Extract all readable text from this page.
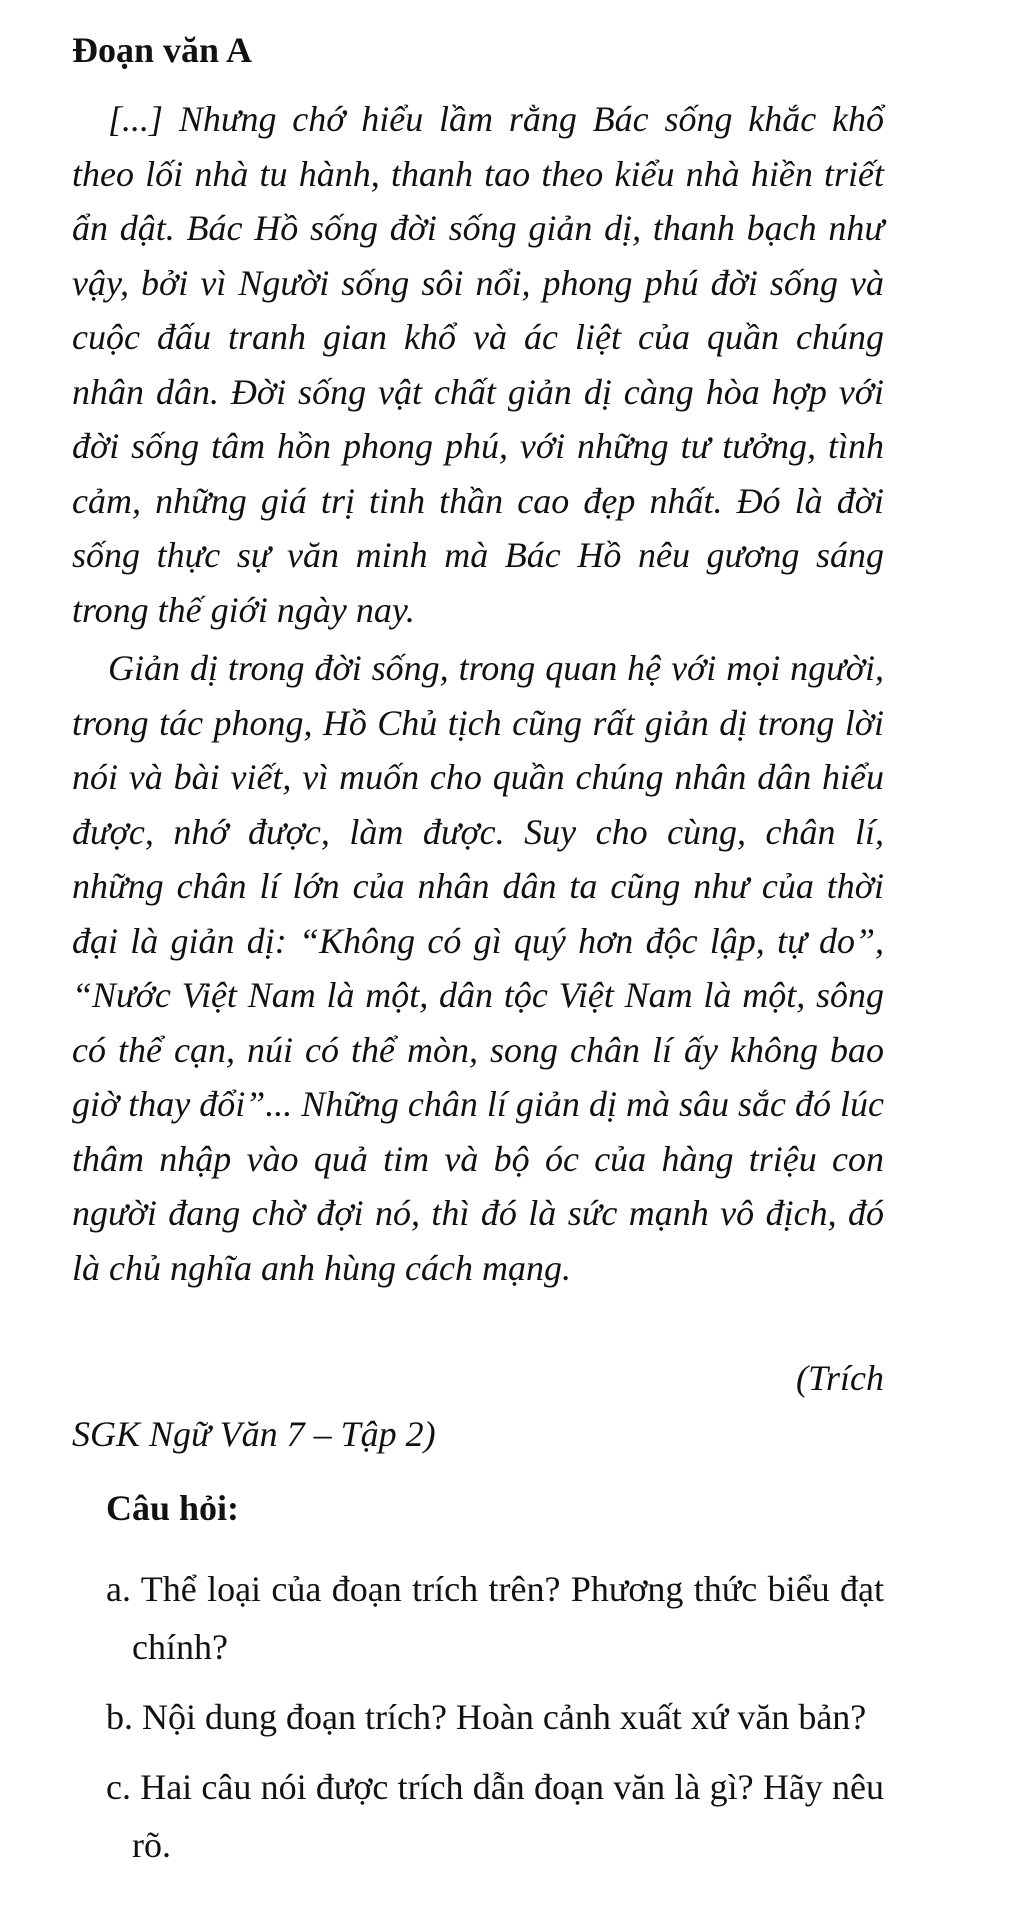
Đoạn văn A

[...] Nhưng chớ hiểu lầm rằng Bác sống khắc khổ theo lối nhà tu hành, thanh tao theo kiểu nhà hiền triết ẩn dật. Bác Hồ sống đời sống giản dị, thanh bạch như vậy, bởi vì Người sống sôi nổi, phong phú đời sống và cuộc đấu tranh gian khổ và ác liệt của quần chúng nhân dân. Đời sống vật chất giản dị càng hòa hợp với đời sống tâm hồn phong phú, với những tư tưởng, tình cảm, những giá trị tinh thần cao đẹp nhất. Đó là đời sống thực sự văn minh mà Bác Hồ nêu gương sáng trong thế giới ngày nay.

Giản dị trong đời sống, trong quan hệ với mọi người, trong tác phong, Hồ Chủ tịch cũng rất giản dị trong lời nói và bài viết, vì muốn cho quần chúng nhân dân hiểu được, nhớ được, làm được. Suy cho cùng, chân lí, những chân lí lớn của nhân dân ta cũng như của thời đại là giản dị: “Không có gì quý hơn độc lập, tự do”, “Nước Việt Nam là một, dân tộc Việt Nam là một, sông có thể cạn, núi có thể mòn, song chân lí ấy không bao giờ thay đổi”... Những chân lí giản dị mà sâu sắc đó lúc thâm nhập vào quả tim và bộ óc của hàng triệu con người đang chờ đợi nó, thì đó là sức mạnh vô địch, đó là chủ nghĩa anh hùng cách mạng.

(Trích
SGK Ngữ Văn 7 – Tập 2)
Câu hỏi:
a. Thể loại của đoạn trích trên? Phương thức biểu đạt chính?
b. Nội dung đoạn trích? Hoàn cảnh xuất xứ văn bản?
c. Hai câu nói được trích dẫn đoạn văn là gì? Hãy nêu rõ.
